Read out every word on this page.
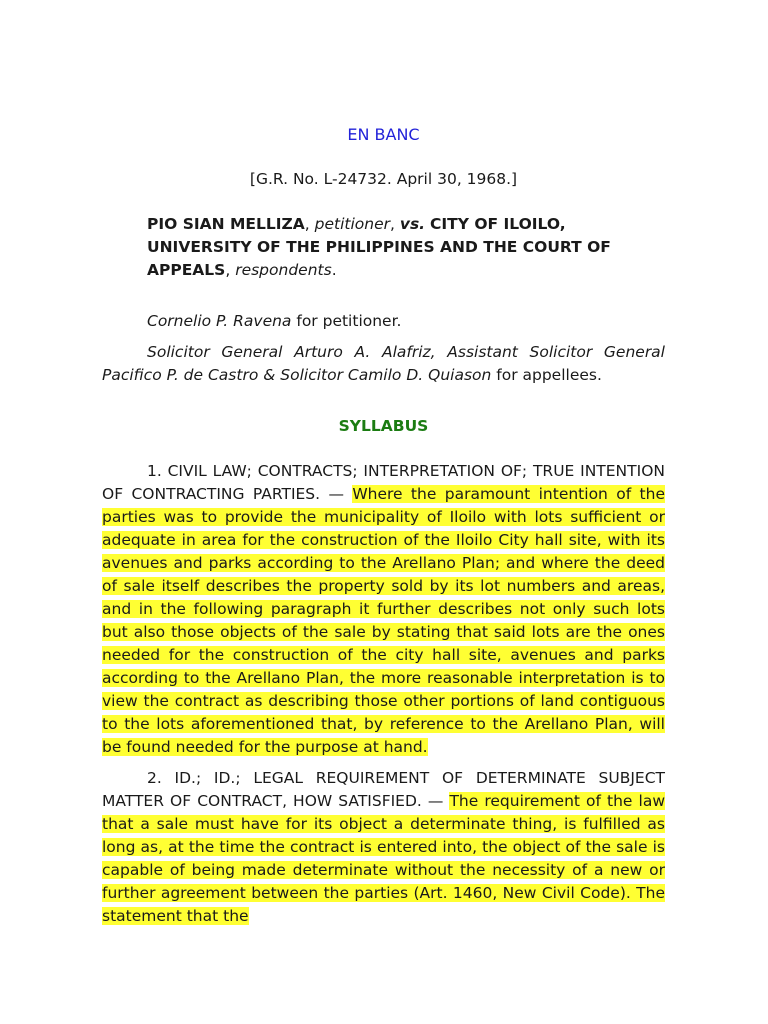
EN BANC
[G.R. No. L-24732. April 30, 1968.]
PIO SIAN MELLIZA, petitioner, vs. CITY OF ILOILO, UNIVERSITY OF THE PHILIPPINES AND THE COURT OF APPEALS, respondents.

Cornelio P. Ravena for petitioner.

Solicitor General Arturo A. Alafriz, Assistant Solicitor General Pacifico P. de Castro & Solicitor Camilo D. Quiason for appellees.

SYLLABUS

1. CIVIL LAW; CONTRACTS; INTERPRETATION OF; TRUE INTENTION OF CONTRACTING PARTIES. — Where the paramount intention of the parties was to provide the municipality of Iloilo with lots sufficient or adequate in area for the construction of the Iloilo City hall site, with its avenues and parks according to the Arellano Plan; and where the deed of sale itself describes the property sold by its lot numbers and areas, and in the following paragraph it further describes not only such lots but also those objects of the sale by stating that said lots are the ones needed for the construction of the city hall site, avenues and parks according to the Arellano Plan, the more reasonable interpretation is to view the contract as describing those other portions of land contiguous to the lots aforementioned that, by reference to the Arellano Plan, will be found needed for the purpose at hand.

2. ID.; ID.; LEGAL REQUIREMENT OF DETERMINATE SUBJECT MATTER OF CONTRACT, HOW SATISFIED. — The requirement of the law that a sale must have for its object a determinate thing, is fulfilled as long as, at the time the contract is entered into, the object of the sale is capable of being made determinate without the necessity of a new or further agreement between the parties (Art. 1460, New Civil Code). The statement that the
